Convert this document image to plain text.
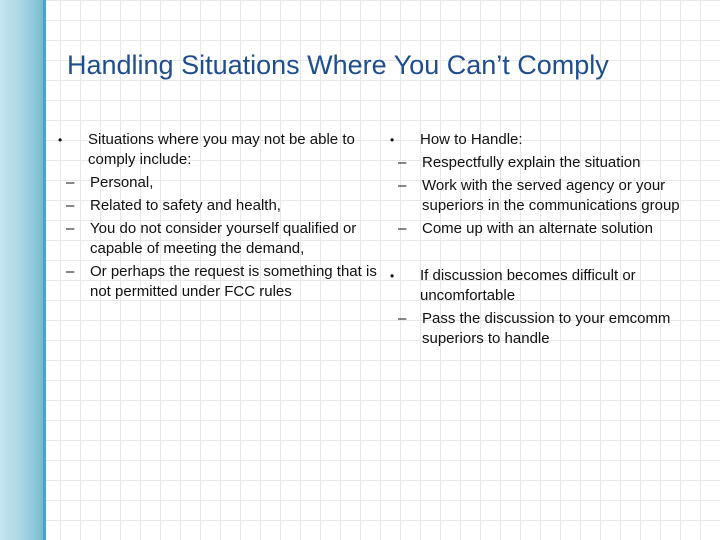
Handling Situations Where You Can’t Comply
• Situations where you may not be able to comply include:
– Personal,
– Related to safety and health,
– You do not consider yourself qualified or capable of meeting the demand,
– Or perhaps the request is something that is not permitted under FCC rules
• How to Handle:
– Respectfully explain the situation
– Work with the served agency or your superiors in the communications group
– Come up with an alternate solution
• If discussion becomes difficult or uncomfortable
– Pass the discussion to your emcomm superiors to handle
